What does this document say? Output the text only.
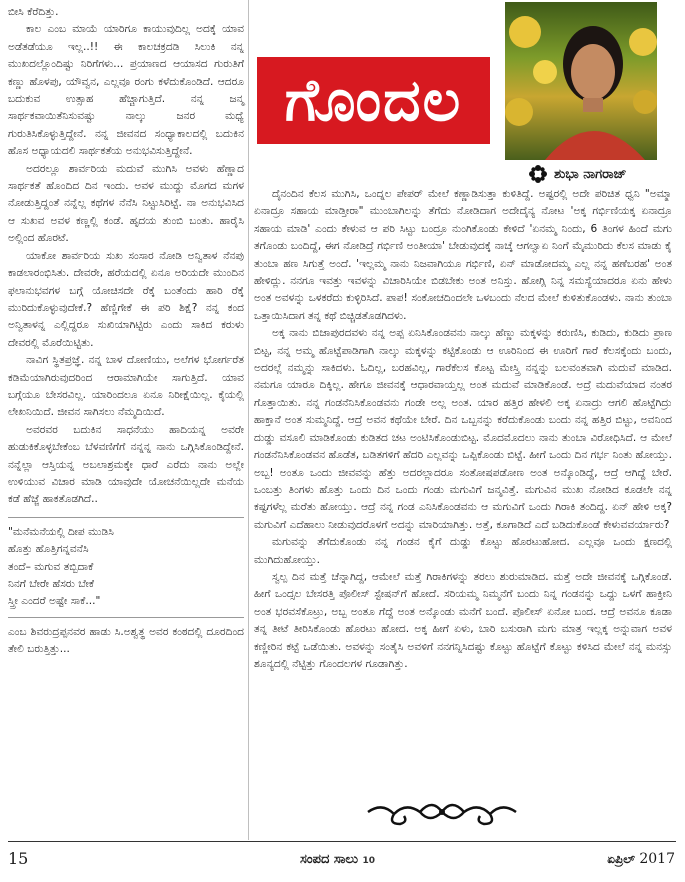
ಬೀಸಿ ಕೆರೆದಿತ್ತು.

ಕಾಲ ಎಂಬ ಮಾಯೆ ಯಾರಿಗೂ ಕಾಯುವುದಿಲ್ಲ ಅದಕ್ಕೆ ಯಾವ ಅಡೆತಡೆಯೂ ಇಲ್ಲ..!! ಈ ಕಾಲಚಕ್ರದಡಿ ಸಿಲುಕಿ ನನ್ನ ಮುಖದಲ್ಲೊಂದಿಷ್ಟು ನಿರಿಗೆಗಳು... ಪ್ರಯಾಣದ ಆಯಾಸದ ಗುರುತಿಗೆ ಕಣ್ಣು ಹೊಳಪು, ಯೌವ್ವನ, ಎಲ್ಲವೂ ರಂಗು ಕಳೆದುಕೊಂಡಿದೆ. ಆದರೂ ಬದುಕುವ ಉತ್ಸಾಹ ಹೆಚ್ಚಾಗುತ್ತಿದೆ. ನನ್ನ ಜನ್ಮ ಸಾರ್ಥಕವಾಯಿತೆನಿಸುವಷ್ಟು ನಾಲ್ಕು ಜನರ ಮಧ್ಯೆ ಗುರುತಿಸಿಕೊಳ್ಳುತ್ತಿದ್ದೇನೆ. ನನ್ನ ಜೀವನದ ಸಂಧ್ಯಾಕಾಲದಲ್ಲಿ ಬದುಕಿನ ಹೊಸ ಅಧ್ಯಾಯದಲಿ ಸಾರ್ಥಕತೆಯ ಅನುಭವಿಸುತ್ತಿದ್ದೇನೆ.

ಅದರಲ್ಲೂ ಶಾರ್ವರಿಯ ಮದುವೆ ಮುಗಿಸಿ ಅವಳು ಹೆಣ್ಣಾದ ಸಾರ್ಥಕತೆ ಹೊಂದಿದ ದಿನ ಇಂದು. ಅವಳ ಮುದ್ದು ಮೊಗದ ಮಗಳ ನೋಡುತ್ತಿದ್ದಂತೆ ನನ್ನೆಲ್ಲ ಕಥೆಗಳ ನೆನೆಸಿ ನಿಟ್ಟುಸಿರಿಟ್ಟೆ. ನಾ ಅನುಭವಿಸಿದ ಆ ಸುಖವ ಅವಳ ಕಣ್ಣಲ್ಲಿ ಕಂಡೆ. ಹೃದಯ ತುಂಬಿ ಬಂತು. ಹಾರೈಸಿ ಅಲ್ಲಿಂದ ಹೊರಟೆ.

ಯಾಕೋ ಶಾರ್ವರಿಯ ಸುಖ ಸಂಸಾರ ನೋಡಿ ಅನ್ವಿತಾಳ ನೆನಪು ಕಾಡಲಾರಂಭಿಸಿತು. ದೇವರೇ, ಹರೆಯದಲ್ಲಿ ಏನೂ ಅರಿಯದೇ ಮುಂದಿನ ಫಲಾನುಭವಗಳ ಬಗ್ಗೆ ಯೋಚಿಸದೇ ರೆಕ್ಕೆ ಬಂತೆಂದು ಹಾರಿ ರೆಕ್ಕೆ ಮುರಿದುಕೊಳ್ಳುವುದೇಕೆ.? ಹೆಣ್ಣಿಗೇಕೆ ಈ ಪರಿ ಶಿಕ್ಷೆ? ನನ್ನ ಕಂದ ಅನ್ವಿತಾಳನ್ನ ಎಲ್ಲಿದ್ದರೂ ಸುಖಿಯಾಗಿಟ್ಟಿರು ಎಂದು ಸಾಕಿದ ಕರುಳು ದೇವರಲ್ಲಿ ಮೊರೆಯಿಟ್ಟಿತು.

ನಾವಿಗ ಸ್ಥಿತಪ್ರಜ್ಞೆ. ನನ್ನ ಬಾಳ ದೋಣಿಯು, ಅಲೆಗಳ ಭೋರ್ಗರೆತ ಕಡಿಮೆಯಾಗಿರುವುದರಿಂದ ಆರಾಮಾಗಿಯೇ ಸಾಗುತ್ತಿದೆ. ಯಾವ ಬಗ್ಗೆಯೂ ಬೇಸರವಿಲ್ಲ. ಯಾರಿಂದಲೂ ಏನೂ ನಿರೀಕ್ಷೆಯಿಲ್ಲ. ಕೈಯಲ್ಲಿ ಲೇಖನಿಯಿದೆ. ಜೀವನ ಸಾಗಿಸಲು ನೆಮ್ಮದಿಯಿದೆ.

ಅವರವರ ಬದುಕಿನ ಸಾಧನೆಯು ಹಾದಿಯನ್ನ ಅವರೇ ಹುಡುಕಿಕೊಳ್ಳಬೇಕೆಂಬ ಬೆಳವಣಿಗೆಗೆ ನನ್ನನ್ನ ನಾನು ಒಗ್ಗಿಸಿಕೊಂಡಿದ್ದೇನೆ. ನನ್ನೆಲ್ಲಾ ಆಸ್ತಿಯನ್ನ ಅಬಲಾಶ್ರಮಕ್ಕೇ ಧಾರೆ ಎರೆದು ನಾನು ಅಲ್ಲೇ ಉಳಿಯುವ ವಿಚಾರ ಮಾಡಿ ಯಾವುದೇ ಯೋಚನೆಯಿಲ್ಲದೇ ಮನೆಯ ಕಡೆ ಹೆಜ್ಜೆ ಹಾಕತೊಡಗಿದೆ..

"ಮನೆಮನೆಯಲ್ಲಿ ದೀಪ ಮುಡಿಸಿ
ಹೊತ್ತು ಹೊತ್ತಿಗನ್ನವನೆಸಿ
ತಂದೆ– ಮಗುವ ತಬ್ಬಿದಾಕೆ
ನಿನಗೆ ಬೇರೇ ಹೆಸರು ಬೇಕೆ
ಸ್ತ್ರೀ ಎಂದರೆ ಅಷ್ಟೇ ಸಾಕೆ..."

ಎಂಬ ಶಿವರುದ್ರಪ್ಪನವರ ಹಾಡು ಸಿ.ಅಶ್ವತ್ಥ ಅವರ ಕಂಠದಲ್ಲಿ ದೂರದಿಂದ ತೇಲಿ ಬರುತ್ತಿತ್ತು...

ಗೊಂದಲ
ಶುಭಾ ನಾಗರಾಜ್

ದೈನಂದಿನ ಕೆಲಸ ಮುಗಿಸಿ, ಒಂದ್ನಲ ಪೇಪರ್ ಮೇಲೆ ಕಣ್ಣಾಡಿಸುತ್ತಾ ಕುಳಿತಿದ್ದೆ. ಅಷ್ಟರಲ್ಲಿ ಅದೇ ಪರಿಚಿತ ಧ್ವನಿ "ಅಮ್ಮಾ ಏನಾದ್ರೂ ಸಹಾಯ ಮಾಡ್ತೀರಾ" ಮುಂಬಾಗಿಲನ್ನು ತೆಗೆದು ನೋಡಿದಾಗ ಅದೇದೈನ್ಯ ನೋಟ 'ಅಕ್ಕ ಗರ್ಭಿಣಿಯಕ್ಕ ಏನಾದ್ರೂ ಸಹಾಯ ಮಾಡಿ' ಎಂದು ಕೇಳುವ ಆ ಪರಿ ಸಿಟ್ಟು ಬಂದ್ರೂ ನುಂಗಿಕೊಂಡು ಕೇಳಿದೆ 'ಏನಮ್ಮ ನಿಂದು, 6 ತಿಂಗಳ ಹಿಂದೆ ಮಗು ತಗೊಂಡು ಬಂದಿದ್ದೆ, ಈಗ ನೋಡಿದ್ರೆ ಗರ್ಭಿಣಿ ಅಂತೀಯಾ' ಬೇಡುವುದಕ್ಕೆ ನಾಚ್ಕೆ ಆಗಲ್ವಾಏ ನಿಂಗೆ ಮೈಮುರಿದು ಕೆಲಸ ಮಾಡು ಕೈ ತುಂಬಾ ಹಣ ಸಿಗುತ್ತೆ ಅಂದೆ. 'ಇಲ್ಲಮ್ಮ ನಾನು ನಿಜವಾಗಿಯೂ ಗರ್ಭಿಣಿ, ಏನ್ ಮಾಡೋದಮ್ಮ ಎಲ್ಲ ನನ್ನ ಹಣೆಬರಹ' ಅಂತ ಹೇಳಿದ್ಲು. ನನಗೂ ಇವತ್ತು ಇವಳನ್ನು ವಿಚಾರಿಸಿಯೇ ಬಿಡಬೇಕು ಅಂತ ಅನಿಸ್ತು. ಹೋಗ್ಲಿ ನಿನ್ನ ಸಮಸ್ಯೆಯಾದರೂ ಏನು ಹೇಳು ಅಂತ ಅವಳನ್ನು ಒಳಕರೆದು ಕುಳ್ಳಿರಿಸಿದೆ. ಪಾಪ! ಸಂಕೋಚದಿಂದಲೇ ಒಳಬಂದು ನೆಲದ ಮೇಲೆ ಕುಳಿತುಕೊಂಡಳು. ನಾನು ತುಂಬಾ ಒತ್ತಾಯಿಸಿದಾಗ ತನ್ನ ಕಥೆ ಬಿಚ್ಚಿಡತೊಡಗಿದಳು.

ಅಕ್ಕ ನಾನು ಬಿಜಾಪುರದವಳು ನನ್ನ ಅಪ್ಪ ಏನಿಸಿಕೊಂಡವನು ನಾಲ್ಕು ಹೆಣ್ಣು ಮಕ್ಕಳನ್ನು ಕರುಣಿಸಿ, ಕುಡಿದು, ಕುಡಿದು ಪ್ರಾಣ ಬಿಟ್ಟ, ನನ್ನ ಅಮ್ಮ ಹೊಟ್ಟೆಪಾಡಿಗಾಗಿ ನಾಲ್ಕು ಮಕ್ಕಳನ್ನು ಕಟ್ಟಿಕೊಂಡು ಆ ಊರಿನಿಂದ ಈ ಊರಿಗೆ ಗಾರೆ ಕೆಲಸಕ್ಕೆಂದು ಬಂದು, ಅದರಲ್ಲೆ ನಮ್ಮನ್ನು ಸಾಕಿದಳು. ಓದಿಲ್ಲ, ಬರಹವಿಲ್ಲ, ಗಾರೆಕೆಲಸ ಕೊಟ್ಟ ಮೇಸ್ತ್ರಿ ನನ್ನನ್ನು ಬಲವಂತವಾಗಿ ಮದುವೆ ಮಾಡಿದ. ನಮಗೂ ಯಾರೂ ದಿಕ್ಕಿಲ್ಲ. ಹೇಗೂ ಜೀವನಕ್ಕೆ ಆಧಾರವಾಯ್ತಲ್ಲ ಅಂತ ಮದುವೆ ಮಾಡಿಕೊಂಡೆ. ಅದ್ರೆ ಮದುವೆಯಾದ ನಂತರ ಗೊತ್ತಾಯಿತು. ನನ್ನ ಗಂಡನೆನಿಸಿಕೊಂಡವನು ಗಂಡೇ ಅಲ್ಲ ಅಂತ. ಯಾರ ಹತ್ತಿರ ಹೇಳಲಿ ಅಕ್ಕ ಏನಾದ್ರು ಆಗಲಿ ಹೊಟ್ಟೆಗಿದ್ರು ಹಾಕ್ತಾನೆ ಅಂತ ಸುಮ್ಮನಿದ್ದೆ. ಆದ್ರೆ ಅವನ ಕಥೆಯೇ ಬೇರೆ. ದಿನ ಒಬ್ಬನನ್ನು ಕರೆದುಕೊಂಡು ಬಂದು ನನ್ನ ಹತ್ತಿರ ಬಿಟ್ಟು, ಅವನಿಂದ ದುಡ್ಡು ವಸೂಲಿ ಮಾಡಿಕೊಂಡು ಕುಡಿತದ ಚಟ ಅಂಟಿಸಿಕೊಂಡುಬಿಟ್ಟ. ಮೊದಮೊದಲು ನಾನು ತುಂಬಾ ವಿರೋಧಿಸಿದೆ. ಆ ಮೇಲೆ ಗಂಡನೆನಿಸಿಕೊಂಡವನ ಹೊಡೆತ, ಬಡಿತಗಳಿಗೆ ಹೆದರಿ ಎಲ್ಲವನ್ನು ಒಪ್ಪಿಕೊಂಡು ಬಿಟ್ಟೆ. ಹೀಗೆ ಒಂದು ದಿನ ಗರ್ಭ ನಿಂತು ಹೋಯ್ತು. ಅಬ್ಬ! ಅಂತೂ ಒಂದು ಜೀವವನ್ನು ಹೆತ್ತು ಅದರಲ್ಲಾದರೂ ಸಂತೋಷಪಡೋಣ ಅಂತ ಅನ್ಕೊಂಡಿದ್ದೆ, ಆದ್ರೆ ಆಗಿದ್ದೆ ಬೇರೆ. ಒಂಬತ್ತು ತಿಂಗಳು ಹೊತ್ತು ಒಂದು ದಿನ ಒಂದು ಗಂಡು ಮಗುವಿಗೆ ಜನ್ಮವಿತ್ತೆ. ಮಗುವಿನ ಮುಖ ನೋಡಿದ ಕೂಡಲೇ ನನ್ನ ಕಷ್ಟಗಳೆಲ್ಲ ಮರೆತು ಹೋಯ್ತು. ಆದ್ರೆ ನನ್ನ ಗಂಡ ಎನಿಸಿಕೊಂಡವನು ಆ ಮಗುವಿಗೆ ಒಂದು ಗಿರಾಕಿ ತಂದಿದ್ದ. ಏನ್ ಹೇಳಿ ಅಕ್ಕ? ಮಗುವಿಗೆ ಎದೆಹಾಲು ನೀಡುವುದರೊಳಗೆ ಅದನ್ನು ಮಾರಿಯಾಗಿತ್ತು. ಅತ್ತೆ, ಕೂಗಾಡಿದೆ ಎದೆ ಬಡಿದುಕೊಂಡೆ ಕೇಳುವವರ್ಯಾರು?

ಮಗುವನ್ನು ತೆಗೆದುಕೊಂಡು ನನ್ನ ಗಂಡನ ಕೈಗೆ ದುಡ್ಡು ಕೊಟ್ಟು ಹೊರಟುಹೋದ. ಎಲ್ಲವೂ ಒಂದು ಕ್ಷಣದಲ್ಲಿ ಮುಗಿದುಹೋಯ್ತು.

ಸ್ವಲ್ಪ ದಿನ ಮತ್ತೆ ಚೆನ್ನಾಗಿದ್ದ, ಆಮೇಲೆ ಮತ್ತೆ ಗಿರಾಕಿಗಳನ್ನು ತರಲು ಶುರುಮಾಡಿದ. ಮತ್ತೆ ಅದೇ ಜೀವನಕ್ಕೆ ಒಗ್ಗಿಕೊಂಡೆ. ಹೀಗೆ ಒಂದ್ಸಲ ಬೇಸರತ್ತಿ ಪೊಲೀಸ್ ಸ್ಟೇಷನ್‌ಗೆ ಹೋದೆ. ಸರಿಯಮ್ಮ ನಿಮ್ಮನೆಗೆ ಬಂದು ನಿನ್ನ ಗಂಡನನ್ನು ಒದ್ದು ಒಳಗೆ ಹಾಕ್ತೀನಿ ಅಂತ ಭರವಸೆಕೊಟ್ರು, ಅಬ್ಬ ಅಂತೂ ಗೆದ್ದೆ ಅಂತ ಅನ್ಕೊಂಡು ಮನೆಗೆ ಬಂದೆ. ಪೊಲೀಸ್ ಏನೋ ಬಂದ. ಆದ್ರೆ ಅವನೂ ಕೂಡಾ ತನ್ನ ತೀಟೆ ತೀರಿಸಿಕೊಂಡು ಹೊರಟು ಹೋದ. ಅಕ್ಕ ಹೀಗೆ ಏಳು, ಬಾರಿ ಬಸುರಾಗಿ ಮಗು ಮಾತ್ರ ಇಲ್ಲಕ್ಕ ಅನ್ನುವಾಗ ಅವಳ ಕಣ್ಣೀರಿನ ಕಟ್ಟೆ ಒಡೆಯಿತು. ಅವಳನ್ನು ಸಂತೈಸಿ ಅವಳಿಗೆ ನನಗನ್ನಿಸಿದಷ್ಟು ಕೊಟ್ಟು ಹೊಟ್ಟೆಗೆ ಕೊಟ್ಟು ಕಳಿಸಿದ ಮೇಲೆ ನನ್ನ ಮನಸ್ಸು ಶೂನ್ಯದಲ್ಲಿ ನೆಟ್ಟಿತ್ತು ಗೊಂದಲಗಳ ಗೂಡಾಗಿತ್ತು.

15	ಸಂಪದ ಸಾಲು 10	ಏಪ್ರಿಲ್ 2017
